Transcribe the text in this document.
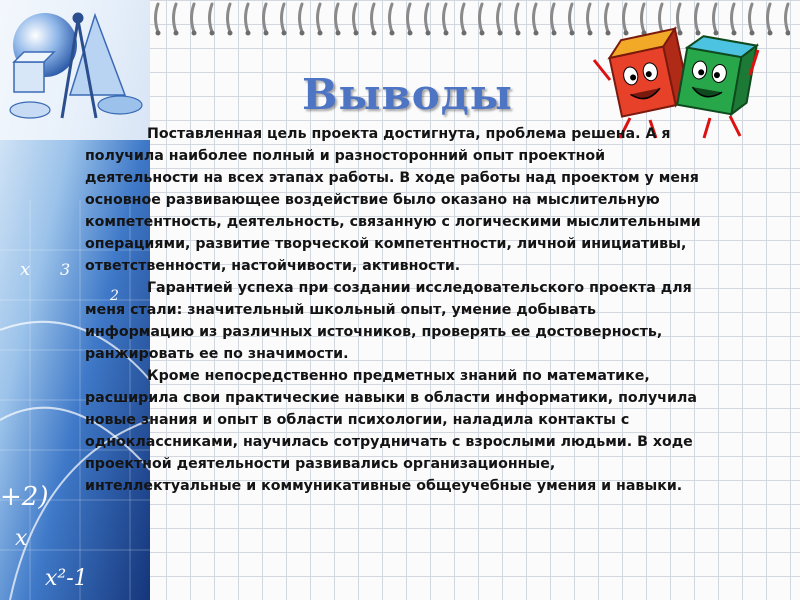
x
+2)
x
x²-1
3
2
Выводы

Поставленная цель проекта достигнута, проблема решена. А я получила наиболее полный и разносторонний опыт проектной деятельности на всех этапах работы. В ходе работы над проектом у меня основное развивающее воздействие было оказано на мыслительную компетентность, деятельность, связанную с логическими мыслительными операциями, развитие творческой компетентности, личной инициативы, ответственности, настойчивости, активности.

Гарантией успеха при создании исследовательского проекта для меня стали: значительный школьный опыт, умение добывать информацию из различных источников, проверять ее достоверность, ранжировать ее по значимости.

Кроме непосредственно предметных знаний по математике, расширила свои практические навыки в области информатики, получила новые знания и опыт в области психологии, наладила контакты с одноклассниками, научилась сотрудничать с взрослыми людьми. В ходе проектной деятельности развивались организационные, интеллектуальные и коммуникативные общеучебные умения и навыки.
